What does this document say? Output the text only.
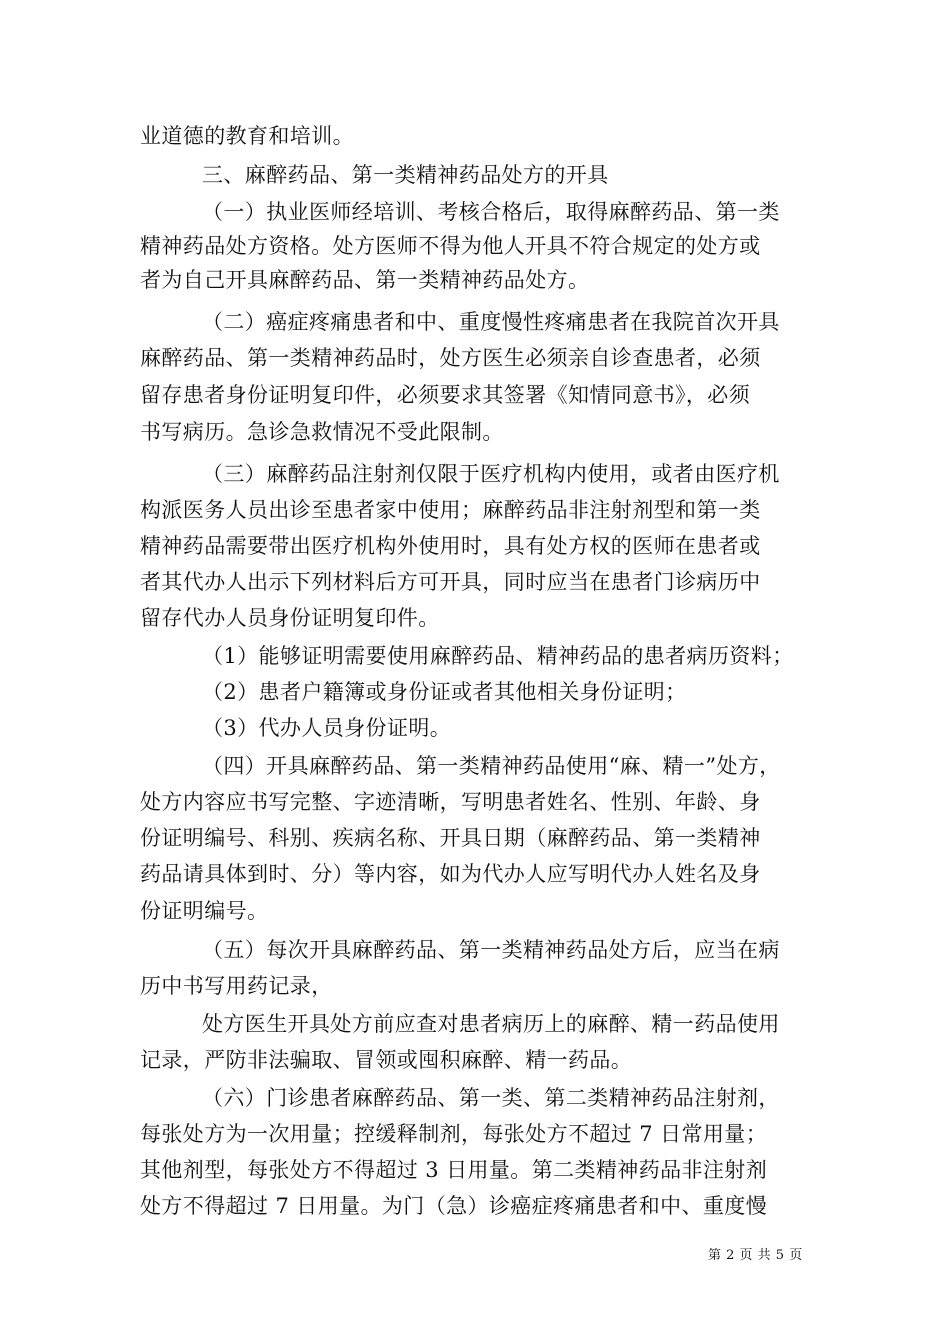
业道德的教育和培训。
三、麻醉药品、第一类精神药品处方的开具
（一）执业医师经培训、考核合格后，取得麻醉药品、第一类
精神药品处方资格。处方医师不得为他人开具不符合规定的处方或
者为自己开具麻醉药品、第一类精神药品处方。
（二）癌症疼痛患者和中、重度慢性疼痛患者在我院首次开具
麻醉药品、第一类精神药品时，处方医生必须亲自诊查患者，必须
留存患者身份证明复印件，必须要求其签署《知情同意书》，必须
书写病历。急诊急救情况不受此限制。
（三）麻醉药品注射剂仅限于医疗机构内使用，或者由医疗机
构派医务人员出诊至患者家中使用；麻醉药品非注射剂型和第一类
精神药品需要带出医疗机构外使用时，具有处方权的医师在患者或
者其代办人出示下列材料后方可开具，同时应当在患者门诊病历中
留存代办人员身份证明复印件。
（1）能够证明需要使用麻醉药品、精神药品的患者病历资料；
（2）患者户籍簿或身份证或者其他相关身份证明；
（3）代办人员身份证明。
（四）开具麻醉药品、第一类精神药品使用“麻、精一”处方，
处方内容应书写完整、字迹清晰，写明患者姓名、性别、年龄、身
份证明编号、科别、疾病名称、开具日期（麻醉药品、第一类精神
药品请具体到时、分）等内容，如为代办人应写明代办人姓名及身
份证明编号。
（五）每次开具麻醉药品、第一类精神药品处方后，应当在病
历中书写用药记录，
处方医生开具处方前应查对患者病历上的麻醉、精一药品使用
记录，严防非法骗取、冒领或囤积麻醉、精一药品。
（六）门诊患者麻醉药品、第一类、第二类精神药品注射剂，
每张处方为一次用量；控缓释制剂，每张处方不超过 7 日常用量；
其他剂型，每张处方不得超过 3 日用量。第二类精神药品非注射剂
处方不得超过 7 日用量。为门（急）诊癌症疼痛患者和中、重度慢
第 2 页 共 5 页
